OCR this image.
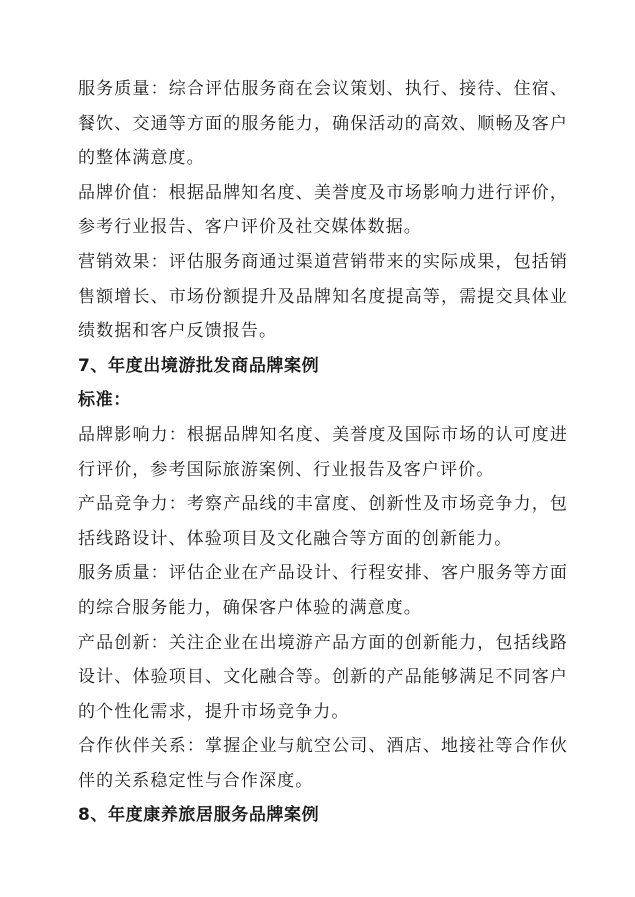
服务质量：综合评估服务商在会议策划、执行、接待、住宿、餐饮、交通等方面的服务能力，确保活动的高效、顺畅及客户的整体满意度。

品牌价值：根据品牌知名度、美誉度及市场影响力进行评价，参考行业报告、客户评价及社交媒体数据。

营销效果：评估服务商通过渠道营销带来的实际成果，包括销售额增长、市场份额提升及品牌知名度提高等，需提交具体业绩数据和客户反馈报告。

7、年度出境游批发商品牌案例

标准：

品牌影响力：根据品牌知名度、美誉度及国际市场的认可度进行评价，参考国际旅游案例、行业报告及客户评价。

产品竞争力：考察产品线的丰富度、创新性及市场竞争力，包括线路设计、体验项目及文化融合等方面的创新能力。

服务质量：评估企业在产品设计、行程安排、客户服务等方面的综合服务能力，确保客户体验的满意度。

产品创新：关注企业在出境游产品方面的创新能力，包括线路设计、体验项目、文化融合等。创新的产品能够满足不同客户的个性化需求，提升市场竞争力。

合作伙伴关系：掌握企业与航空公司、酒店、地接社等合作伙伴的关系稳定性与合作深度。

8、年度康养旅居服务品牌案例
